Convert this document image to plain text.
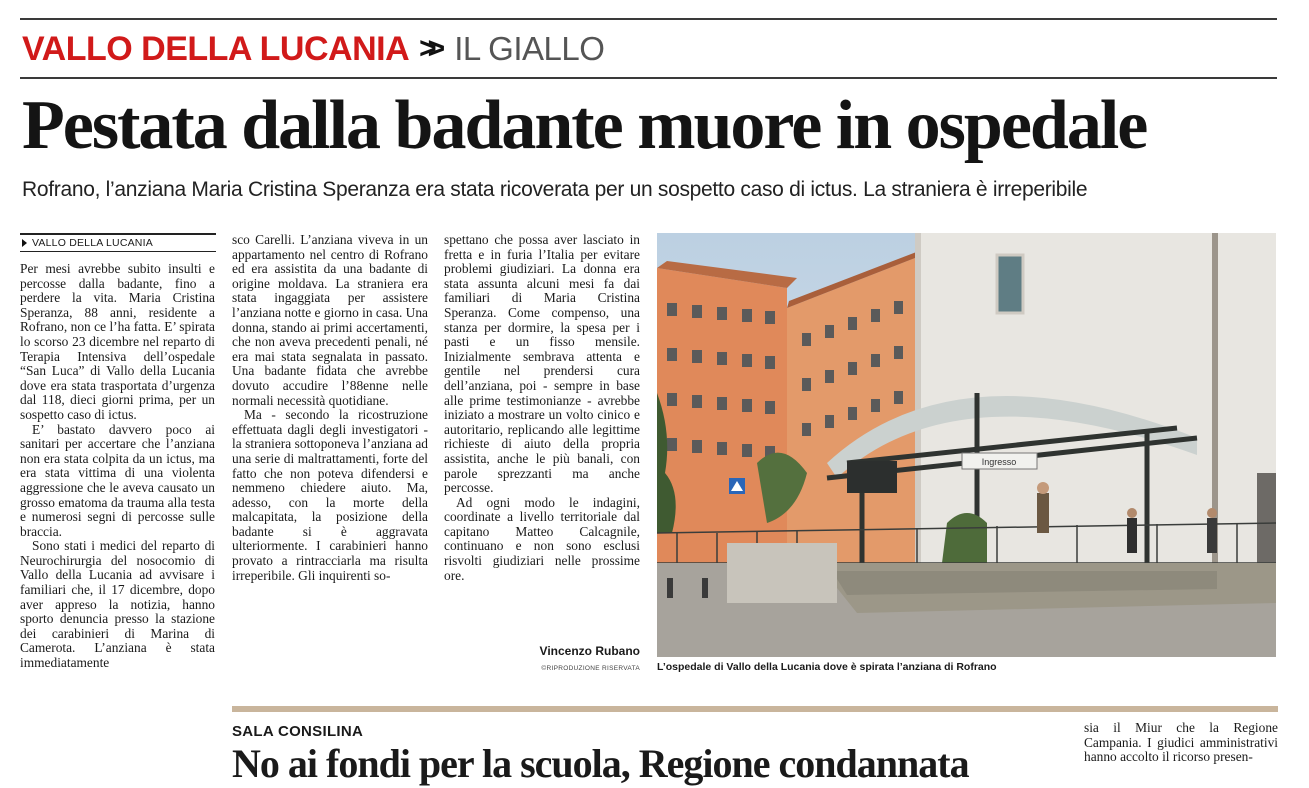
VALLO DELLA LUCANIA >> IL GIALLO
Pestata dalla badante muore in ospedale
Rofrano, l’anziana Maria Cristina Speranza era stata ricoverata per un sospetto caso di ictus. La straniera è irreperibile
VALLO DELLA LUCANIA

Per mesi avrebbe subito insulti e percosse dalla badante, fino a perdere la vita. Maria Cristina Speranza, 88 anni, residente a Rofrano, non ce l’ha fatta. E’ spirata lo scorso 23 dicembre nel reparto di Terapia Intensiva dell’ospedale “San Luca” di Vallo della Lucania dove era stata trasportata d’urgenza dal 118, dieci giorni prima, per un sospetto caso di ictus.

E’ bastato davvero poco ai sanitari per accertare che l’anziana non era stata colpita da un ictus, ma era stata vittima di una violenta aggressione che le aveva causato un grosso ematoma da trauma alla testa e numerosi segni di percosse sulle braccia.

Sono stati i medici del reparto di Neurochirurgia del nosocomio di Vallo della Lucania ad avvisare i familiari che, il 17 dicembre, dopo aver appreso la notizia, hanno sporto denuncia presso la stazione dei carabinieri di Marina di Camerota. L’anziana è stata immediatamente

sco Carelli. L’anziana viveva in un appartamento nel centro di Rofrano ed era assistita da una badante di origine moldava. La straniera era stata ingaggiata per assistere l’anziana notte e giorno in casa. Una donna, stando ai primi accertamenti, che non aveva precedenti penali, né era mai stata segnalata in passato. Una badante fidata che avrebbe dovuto accudire l’88enne nelle normali necessità quotidiane.

Ma - secondo la ricostruzione effettuata dagli degli investigatori - la straniera sottoponeva l’anziana ad una serie di maltrattamenti, forte del fatto che non poteva difendersi e nemmeno chiedere aiuto. Ma, adesso, con la morte della malcapitata, la posizione della badante si è aggravata ulteriormente. I carabinieri hanno provato a rintracciarla ma risulta irreperibile. Gli inquirenti so-

spettano che possa aver lasciato in fretta e in furia l’Italia per evitare problemi giudiziari. La donna era stata assunta alcuni mesi fa dai familiari di Maria Cristina Speranza. Come compenso, una stanza per dormire, la spesa per i pasti e un fisso mensile. Inizialmente sembrava attenta e gentile nel prendersi cura dell’anziana, poi - sempre in base alle prime testimonianze - avrebbe iniziato a mostrare un volto cinico e autoritario, replicando alle legittime richieste di aiuto della propria assistita, anche le più banali, con parole sprezzanti ma anche percosse.

Ad ogni modo le indagini, coordinate a livello territoriale dal capitano Matteo Calcagnile, continuano e non sono esclusi risvolti giudiziari nelle prossime ore.

Vincenzo Rubano
©RIPRODUZIONE RISERVATA
Ingresso
L’ospedale di Vallo della Lucania dove è spirata l’anziana di Rofrano
SALA CONSILINA
No ai fondi per la scuola, Regione condannata

sia il Miur che la Regione Campania. I giudici amministrativi hanno accolto il ricorso presen-
